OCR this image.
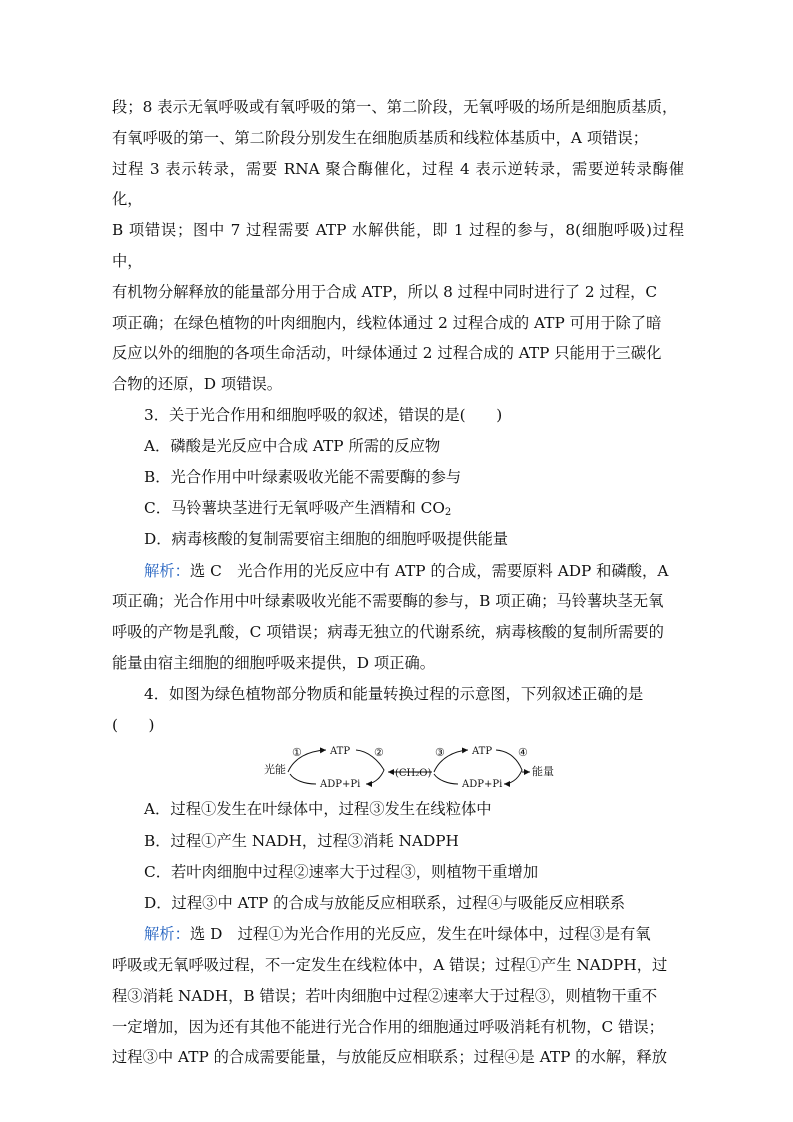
段；8 表示无氧呼吸或有氧呼吸的第一、第二阶段，无氧呼吸的场所是细胞质基质，

有氧呼吸的第一、第二阶段分别发生在细胞质基质和线粒体基质中，A 项错误；

过程 3 表示转录，需要 RNA 聚合酶催化，过程 4 表示逆转录，需要逆转录酶催化，

B 项错误；图中 7 过程需要 ATP 水解供能，即 1 过程的参与，8(细胞呼吸)过程中，

有机物分解释放的能量部分用于合成 ATP，所以 8 过程中同时进行了 2 过程，C

项正确；在绿色植物的叶肉细胞内，线粒体通过 2 过程合成的 ATP 可用于除了暗

反应以外的细胞的各项生命活动，叶绿体通过 2 过程合成的 ATP 只能用于三碳化

合物的还原，D 项错误。

3．关于光合作用和细胞呼吸的叙述，错误的是(　　)

A．磷酸是光反应中合成 ATP 所需的反应物

B．光合作用中叶绿素吸收光能不需要酶的参与

C．马铃薯块茎进行无氧呼吸产生酒精和 $CO_2$

D．病毒核酸的复制需要宿主细胞的细胞呼吸提供能量

解析：选 C　光合作用的光反应中有 ATP 的合成，需要原料 ADP 和磷酸，A

项正确；光合作用中叶绿素吸收光能不需要酶的参与，B 项正确；马铃薯块茎无氧

呼吸的产物是乳酸，C 项错误；病毒无独立的代谢系统，病毒核酸的复制所需要的

能量由宿主细胞的细胞呼吸来提供，D 项正确。

4．如图为绿色植物部分物质和能量转换过程的示意图，下列叙述正确的是

(　　)

光能
ATP
ADP+Pi
①	②
(CH₂O)
③	④
ATP
ADP+Pi
能量

A．过程①发生在叶绿体中，过程③发生在线粒体中

B．过程①产生 NADH，过程③消耗 NADPH

C．若叶肉细胞中过程②速率大于过程③，则植物干重增加

D．过程③中 ATP 的合成与放能反应相联系，过程④与吸能反应相联系

解析：选 D　过程①为光合作用的光反应，发生在叶绿体中，过程③是有氧

呼吸或无氧呼吸过程，不一定发生在线粒体中，A 错误；过程①产生 NADPH，过

程③消耗 NADH，B 错误；若叶肉细胞中过程②速率大于过程③，则植物干重不

一定增加，因为还有其他不能进行光合作用的细胞通过呼吸消耗有机物，C 错误；

过程③中 ATP 的合成需要能量，与放能反应相联系；过程④是 ATP 的水解，释放
